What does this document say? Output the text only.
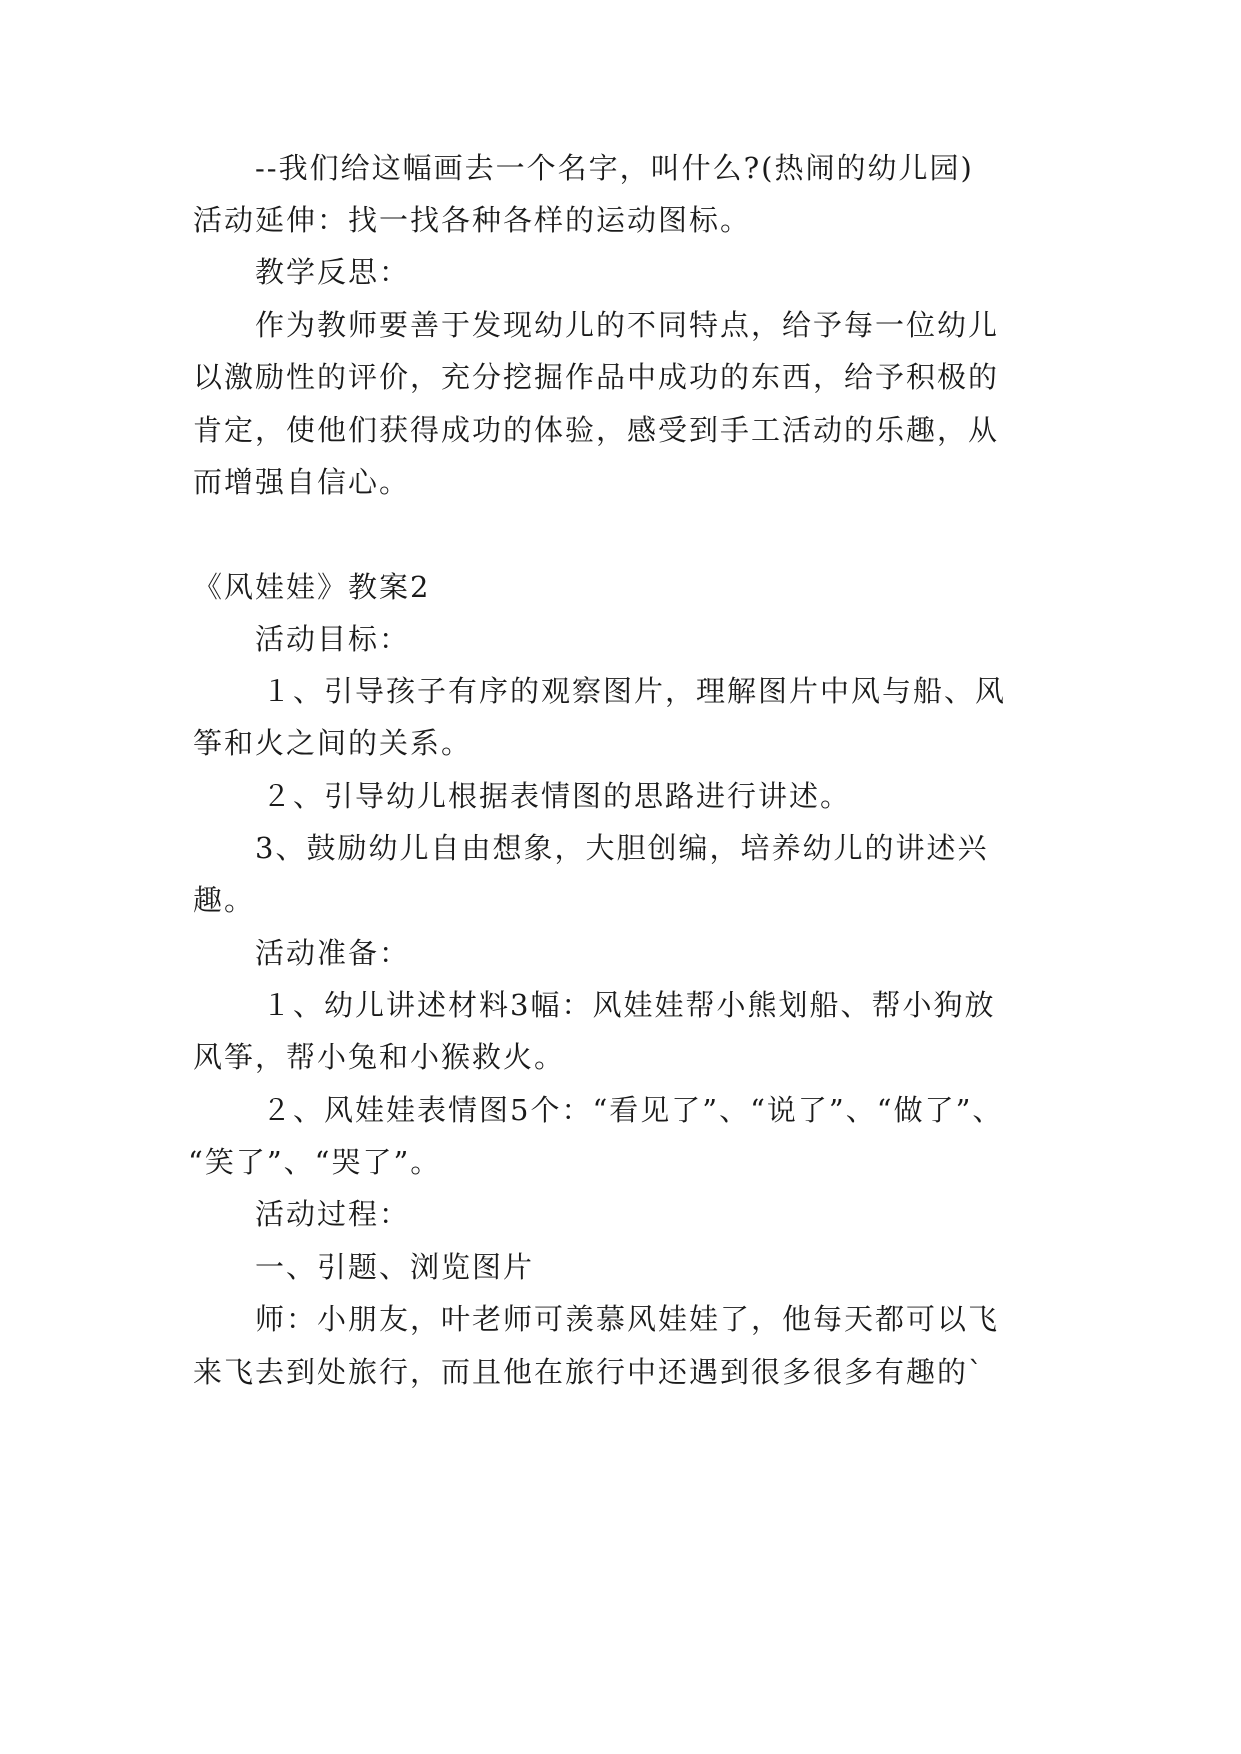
--我们给这幅画去一个名字，叫什么?(热闹的幼儿园)
活动延伸：找一找各种各样的运动图标。
教学反思：
作为教师要善于发现幼儿的不同特点，给予每一位幼儿
以激励性的评价，充分挖掘作品中成功的东西，给予积极的
肯定，使他们获得成功的体验，感受到手工活动的乐趣，从
而增强自信心。
《风娃娃》教案2
活动目标：
１、引导孩子有序的观察图片，理解图片中风与船、风
筝和火之间的关系。
２、引导幼儿根据表情图的思路进行讲述。
3、鼓励幼儿自由想象，大胆创编，培养幼儿的讲述兴
趣。
活动准备：
１、幼儿讲述材料3幅：风娃娃帮小熊划船、帮小狗放
风筝，帮小兔和小猴救火。
２、风娃娃表情图5个：“看见了”、“说了”、“做了”、
“笑了”、“哭了”。
活动过程：
一、引题、浏览图片
师：小朋友，叶老师可羡慕风娃娃了，他每天都可以飞
来飞去到处旅行，而且他在旅行中还遇到很多很多有趣的`
